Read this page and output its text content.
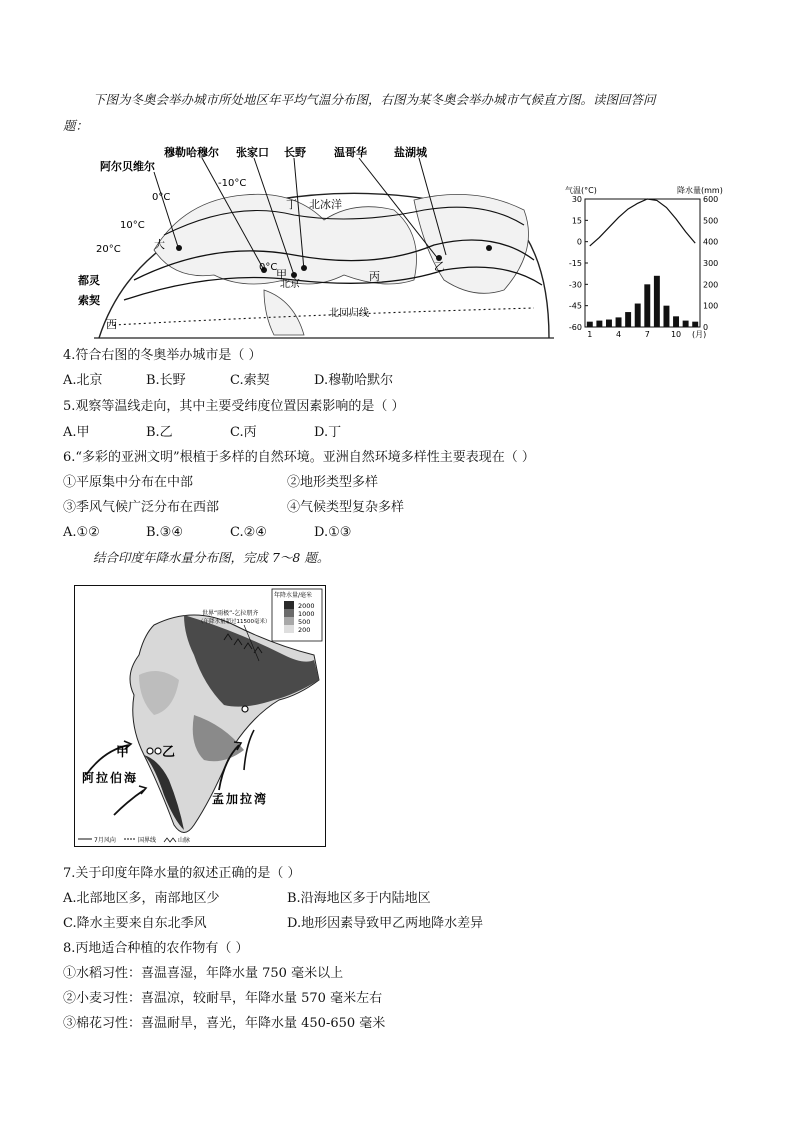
下图为冬奥会举办城市所处地区年平均气温分布图，右图为某冬奥会举办城市气候直方图。读图回答问
题：
穆勒哈穆尔 张家口 长野	温哥华 盐湖城
阿尔贝维尔
都灵
索契
北京
-10°C
0°C
10°C
20°C
0°C
甲
乙
丙
丁
大
西
北冰洋
北回归线
气温(°C)	降水量(mm)
30
15
0
-15
-30
-45
-60
600
500
400
300
200
100
0
1	4	7	10 (月)
4.符合右图的冬奥举办城市是（ ）
A.北京	B.长野	C.索契	D.穆勒哈默尔
5.观察等温线走向，其中主要受纬度位置因素影响的是（ ）
A.甲	B.乙	C.丙	D.丁
6.“多彩的亚洲文明”根植于多样的自然环境。亚洲自然环境多样性主要表现在（ ）
①平原集中分布在中部	②地形类型多样
③季风气候广泛分布在西部	④气候类型复杂多样
A.①②	B.③④	C.②④	D.①③
结合印度年降水量分布图，完成 7～8 题。
年降水量/毫米
2000
1000
500
200
世界“雨极”-乞拉朋齐
（年降水量超过11500毫米）
甲	乙
阿拉伯海
孟加拉湾
7月风向	国界线	山脉
7.关于印度年降水量的叙述正确的是（ ）
A.北部地区多，南部地区少	B.沿海地区多于内陆地区
C.降水主要来自东北季风	D.地形因素导致甲乙两地降水差异
8.丙地适合种植的农作物有（ ）
①水稻习性：喜温喜湿，年降水量 750 毫米以上
②小麦习性：喜温凉，较耐旱，年降水量 570 毫米左右
③棉花习性：喜温耐旱，喜光，年降水量 450-650 毫米
